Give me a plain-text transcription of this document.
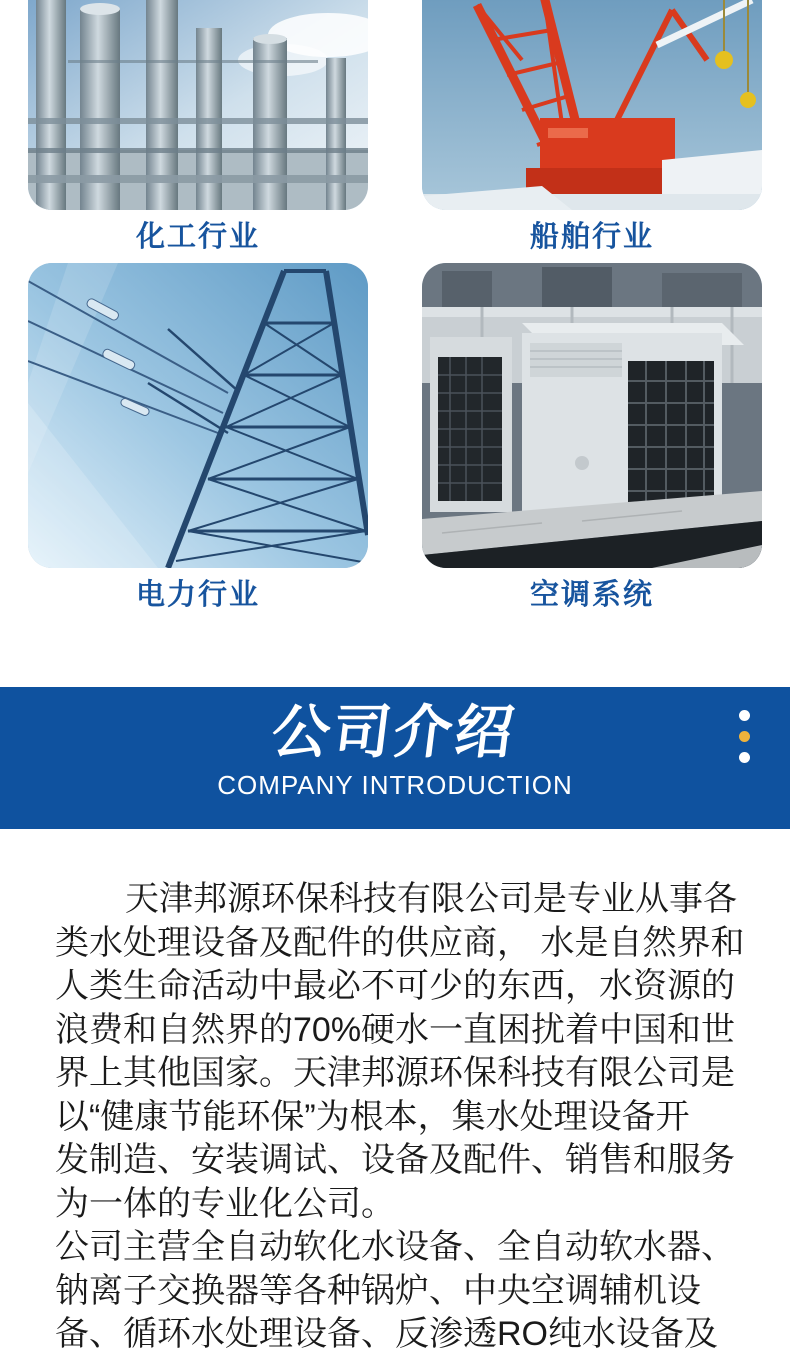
化工行业	船舶行业
电力行业	空调系统
公司介绍
COMPANY INTRODUCTION
天津邦源环保科技有限公司是专业从事各
类水处理设备及配件的供应商， 水是自然界和
人类生命活动中最必不可少的东西，水资源的
浪费和自然界的70%硬水一直困扰着中国和世
界上其他国家。天津邦源环保科技有限公司是
以“健康节能环保”为根本，集水处理设备开
发制造、安装调试、设备及配件、销售和服务
为一体的专业化公司。
公司主营全自动软化水设备、全自动软水器、
钠离子交换器等各种锅炉、中央空调辅机设
备、循环水处理设备、反渗透RO纯水设备及
